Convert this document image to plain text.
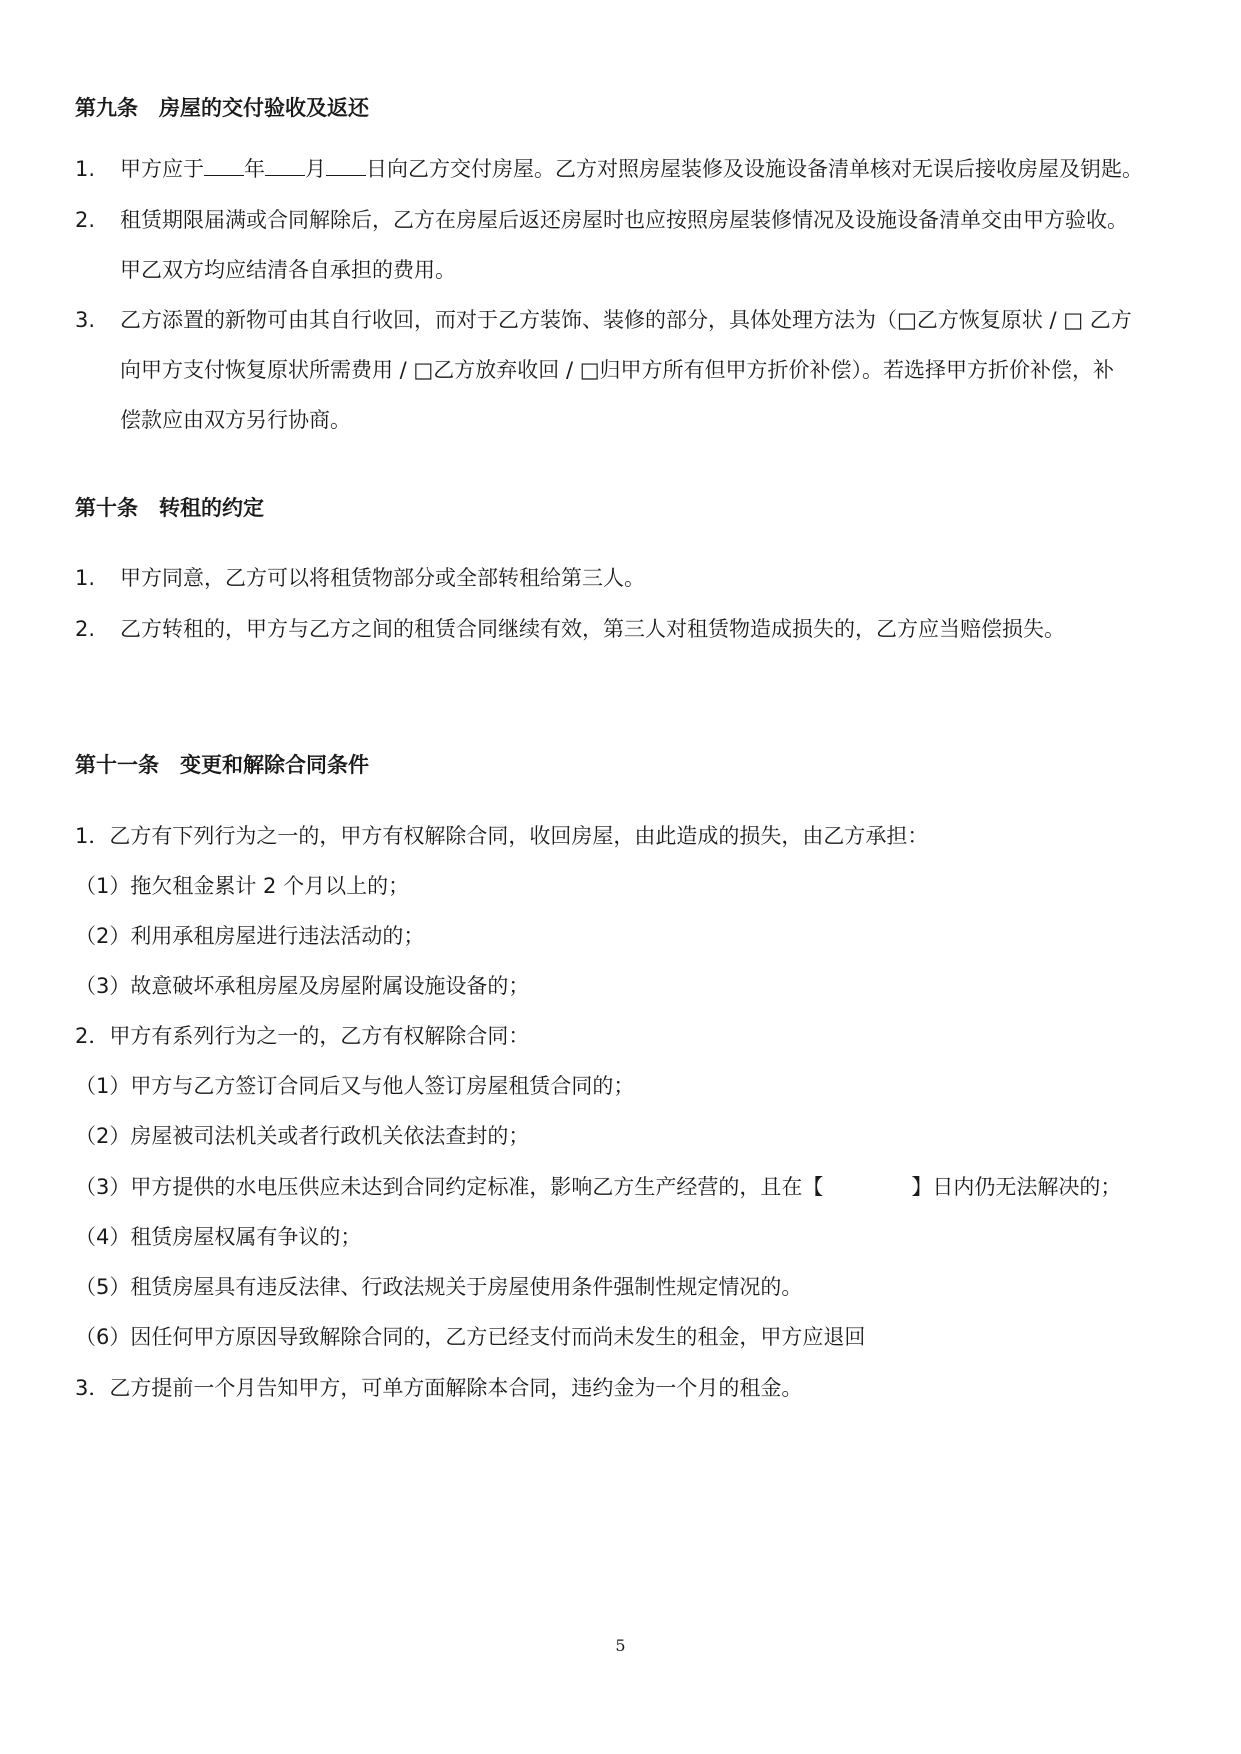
第九条　房屋的交付验收及返还
1. 甲方应于 年 月 日向乙方交付房屋。乙方对照房屋装修及设施设备清单核对无误后接收房屋及钥匙。
2. 租赁期限届满或合同解除后，乙方在房屋后返还房屋时也应按照房屋装修情况及设施设备清单交由甲方验收。
甲乙双方均应结清各自承担的费用。
3. 乙方添置的新物可由其自行收回，而对于乙方装饰、装修的部分，具体处理方法为（□乙方恢复原状 / □ 乙方
向甲方支付恢复原状所需费用 / □乙方放弃收回 / □归甲方所有但甲方折价补偿）。若选择甲方折价补偿，补
偿款应由双方另行协商。
第十条　转租的约定
1. 甲方同意，乙方可以将租赁物部分或全部转租给第三人。
2. 乙方转租的，甲方与乙方之间的租赁合同继续有效，第三人对租赁物造成损失的，乙方应当赔偿损失。
第十一条　变更和解除合同条件
1．乙方有下列行为之一的，甲方有权解除合同，收回房屋，由此造成的损失，由乙方承担：
（1）拖欠租金累计 2 个月以上的；
（2）利用承租房屋进行违法活动的；
（3）故意破坏承租房屋及房屋附属设施设备的；
2．甲方有系列行为之一的，乙方有权解除合同：
（1）甲方与乙方签订合同后又与他人签订房屋租赁合同的；
（2）房屋被司法机关或者行政机关依法查封的；
（3）甲方提供的水电压供应未达到合同约定标准，影响乙方生产经营的，且在【	】日内仍无法解决的；
（4）租赁房屋权属有争议的；
（5）租赁房屋具有违反法律、行政法规关于房屋使用条件强制性规定情况的。
（6）因任何甲方原因导致解除合同的，乙方已经支付而尚未发生的租金，甲方应退回
3．乙方提前一个月告知甲方，可单方面解除本合同，违约金为一个月的租金。
5
